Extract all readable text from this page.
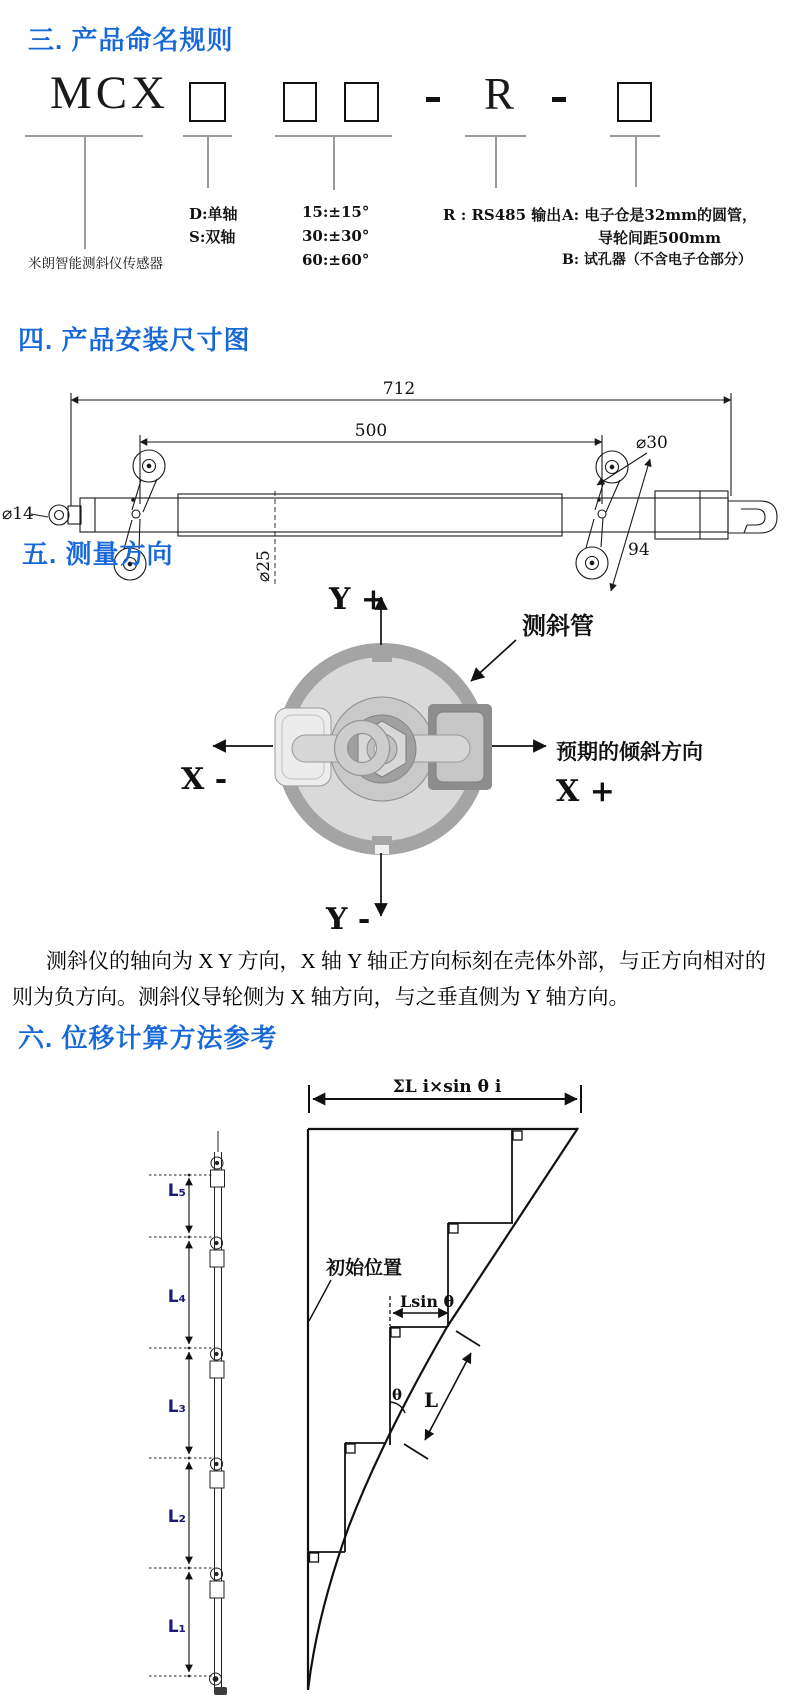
三. 产品命名规则
MCX	R
米朗智能测斜仪传感器
D:单轴
S:双轴
15:±15°
30:±30°
60:±60°
R : RS485 输出 A: 电子仓是32mm的圆管，
导轮间距500mm
B: 试孔器（不含电子仓部分）
四. 产品安装尺寸图
712
500
⌀30
⌀14
⌀25
94
五. 测量方向
Y +
Y -
X -	X +
测斜管
预期的倾斜方向
测斜仪的轴向为 X Y 方向，X 轴 Y 轴正方向标刻在壳体外部，与正方向相对的
则为负方向。测斜仪导轮侧为 X 轴方向，与之垂直侧为 Y 轴方向。
六. 位移计算方法参考
ΣL i×sin θ i
初始位置
Lsin θ
θ L
L₅
L₄
L₃
L₂
L₁
